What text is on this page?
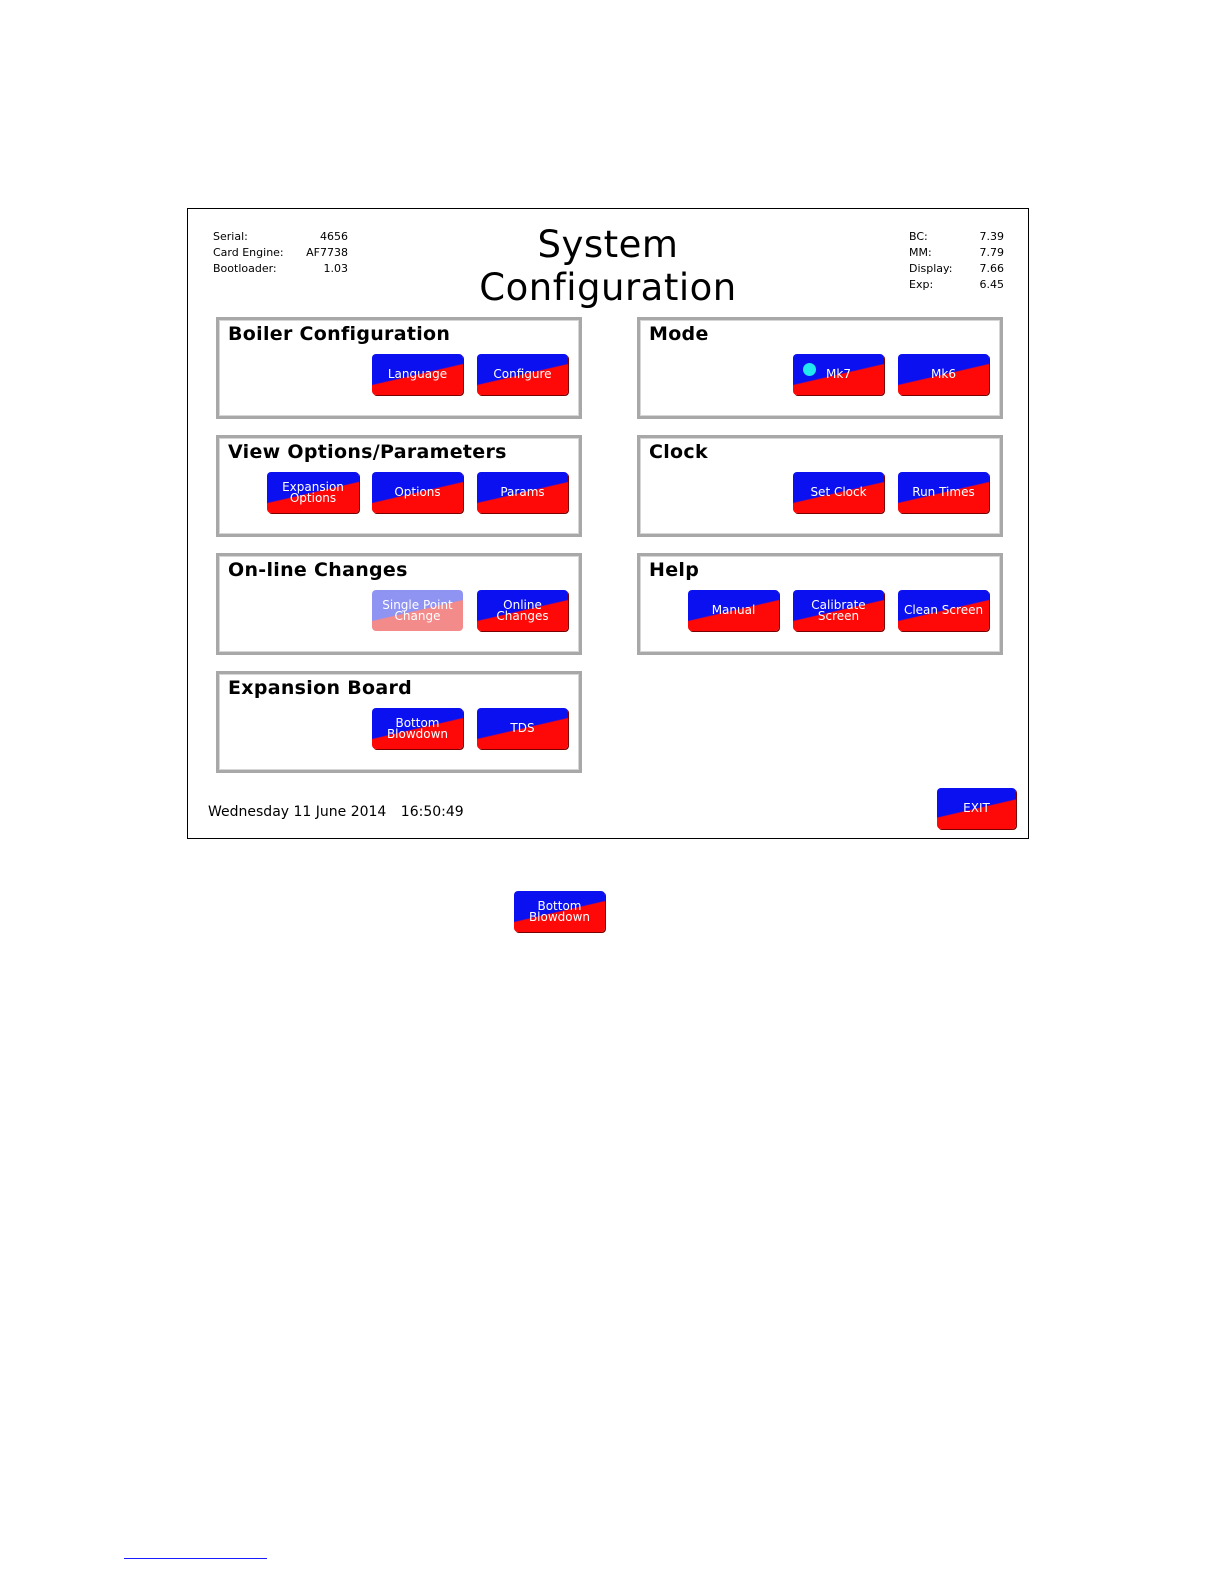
Serial:	4656
Card Engine:	AF7738
Bootloader:	1.03
System Configuration
BC:	7.39
MM:	7.79
Display:	7.66
Exp:	6.45
Boiler Configuration
Language	Configure
Mode
Mk7	Mk6
View Options/Parameters
Expansion Options	Options	Params
Clock
Set Clock	Run Times
On-line Changes
Single Point Change
Online Changes
Help
Manual	Calibrate Screen	Clean Screen
Expansion Board
Bottom Blowdown	TDS
Wednesday 11 June 2014 16:50:49	EXIT
Bottom Blowdown
